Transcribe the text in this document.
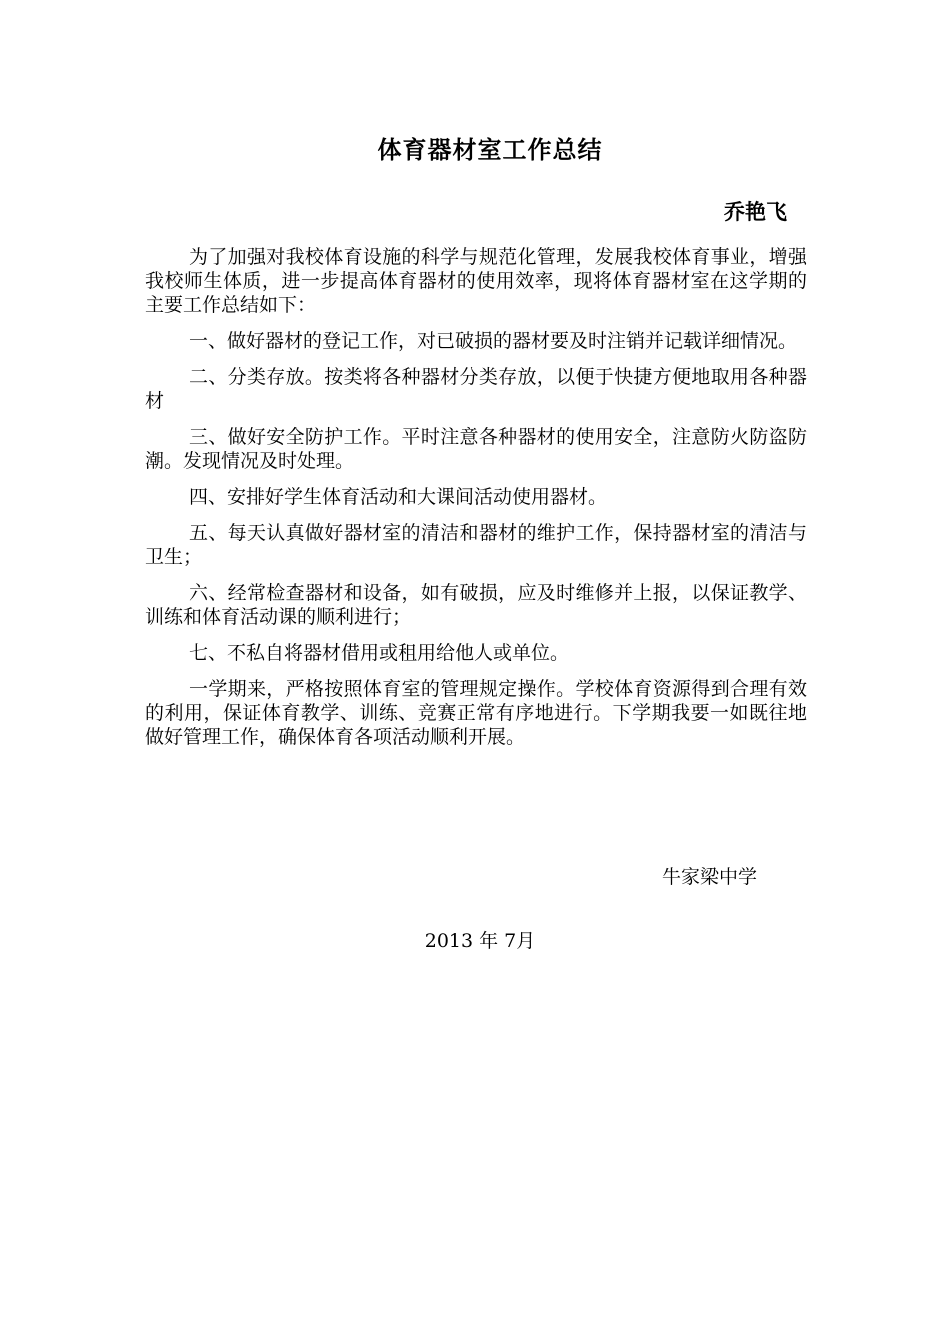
体育器材室工作总结
乔艳飞

为了加强对我校体育设施的科学与规范化管理，发展我校体育事业，增强我校师生体质，进一步提高体育器材的使用效率，现将体育器材室在这学期的主要工作总结如下：

一、做好器材的登记工作，对已破损的器材要及时注销并记载详细情况。

二、分类存放。按类将各种器材分类存放，以便于快捷方便地取用各种器材

三、做好安全防护工作。平时注意各种器材的使用安全，注意防火防盗防潮。发现情况及时处理。

四、安排好学生体育活动和大课间活动使用器材。

五、每天认真做好器材室的清洁和器材的维护工作，保持器材室的清洁与卫生；

六、经常检查器材和设备，如有破损，应及时维修并上报，以保证教学、训练和体育活动课的顺利进行；

七、不私自将器材借用或租用给他人或单位。

一学期来，严格按照体育室的管理规定操作。学校体育资源得到合理有效的利用，保证体育教学、训练、竞赛正常有序地进行。下学期我要一如既往地做好管理工作，确保体育各项活动顺利开展。

牛家梁中学
2013 年 7月
